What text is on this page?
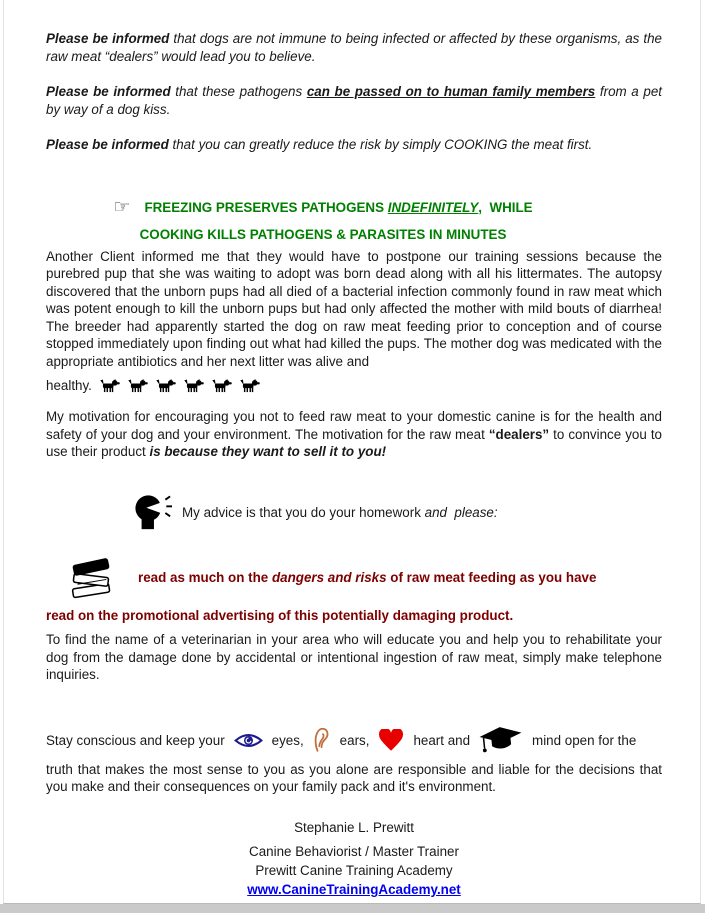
Please be informed that dogs are not immune to being infected or affected by these organisms, as the raw meat “dealers” would lead you to believe.

Please be informed that these pathogens can be passed on to human family members from a pet by way of a dog kiss.

Please be informed that you can greatly reduce the risk by simply COOKING the meat first.

☞ FREEZING PRESERVES PATHOGENS INDEFINITELY,  WHILE
COOKING KILLS PATHOGENS & PARASITES IN MINUTES

Another Client informed me that they would have to postpone our training sessions because the purebred pup that she was waiting to adopt was born dead along with all his littermates. The autopsy discovered that the unborn pups had all died of a bacterial infection commonly found in raw meat which was potent enough to kill the unborn pups but had only affected the mother with mild bouts of diarrhea! The breeder had apparently started the dog on raw meat feeding prior to conception and of course stopped immediately upon finding out what had killed the pups. The mother dog was medicated with the appropriate antibiotics and her next litter was alive and

healthy.

My motivation for encouraging you not to feed raw meat to your domestic canine is for the health and safety of your dog and your environment. The motivation for the raw meat “dealers” to convince you to use their product is because they want to sell it to you!

My advice is that you do your homework and  please:
read as much on the dangers and risks of raw meat feeding as you have
read on the promotional advertising of this potentially damaging product.

To find the name of a veterinarian in your area who will educate you and help you to rehabilitate your dog from the damage done by accidental or intentional ingestion of raw meat, simply make telephone inquiries.

Stay conscious and keep your	eyes,	ears,	heart and	mind open for the

truth that makes the most sense to you as you alone are responsible and liable for the decisions that you make and their consequences on your family pack and it's environment.

Stephanie L. Prewitt
Canine Behaviorist / Master Trainer
Prewitt Canine Training Academy
www.CanineTrainingAcademy.net
